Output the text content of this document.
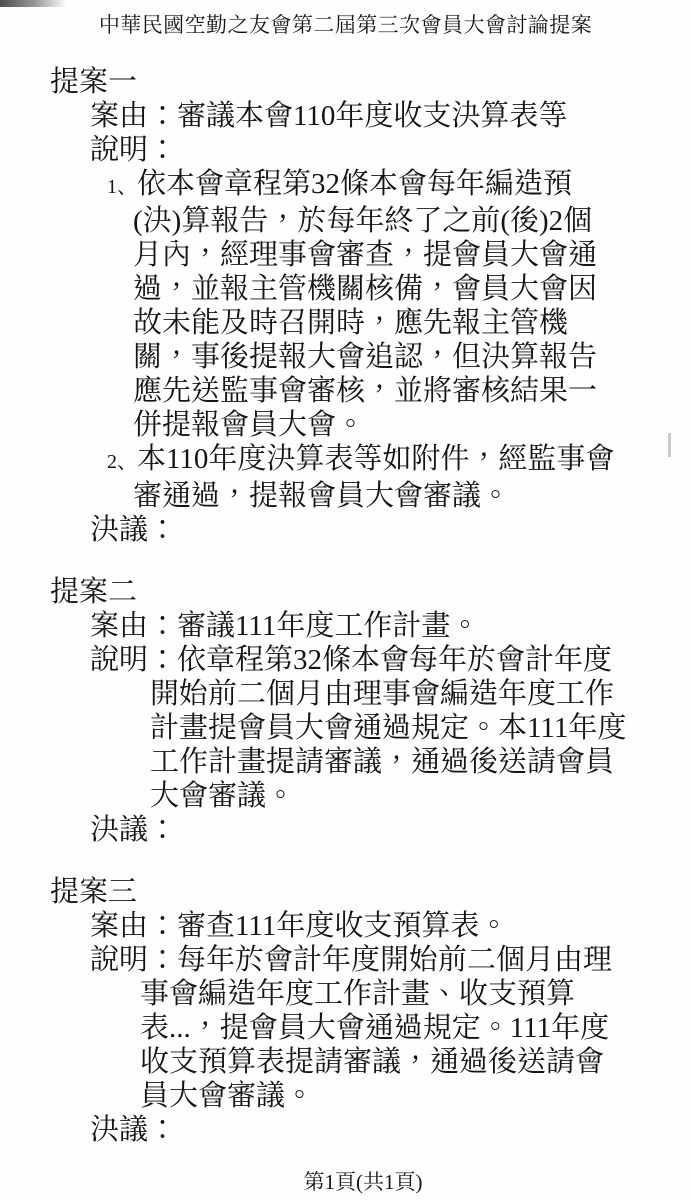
中華民國空勤之友會第二屆第三次會員大會討論提案
提案一
案由：審議本會110年度收支決算表等
說明：
1、依本會章程第32條本會每年編造預
(決)算報告，於每年終了之前(後)2個
月內，經理事會審查，提會員大會通
過，並報主管機關核備，會員大會因
故未能及時召開時，應先報主管機
關，事後提報大會追認，但決算報告
應先送監事會審核，並將審核結果一
併提報會員大會。
2、本110年度決算表等如附件，經監事會
審通過，提報會員大會審議。
決議：
提案二
案由：審議111年度工作計畫。
說明：依章程第32條本會每年於會計年度
開始前二個月由理事會編造年度工作
計畫提會員大會通過規定。本111年度
工作計畫提請審議，通過後送請會員
大會審議。
決議：
提案三
案由：審查111年度收支預算表。
說明：每年於會計年度開始前二個月由理
事會編造年度工作計畫、收支預算
表...，提會員大會通過規定。111年度
收支預算表提請審議，通過後送請會
員大會審議。
決議：
第1頁(共1頁)
